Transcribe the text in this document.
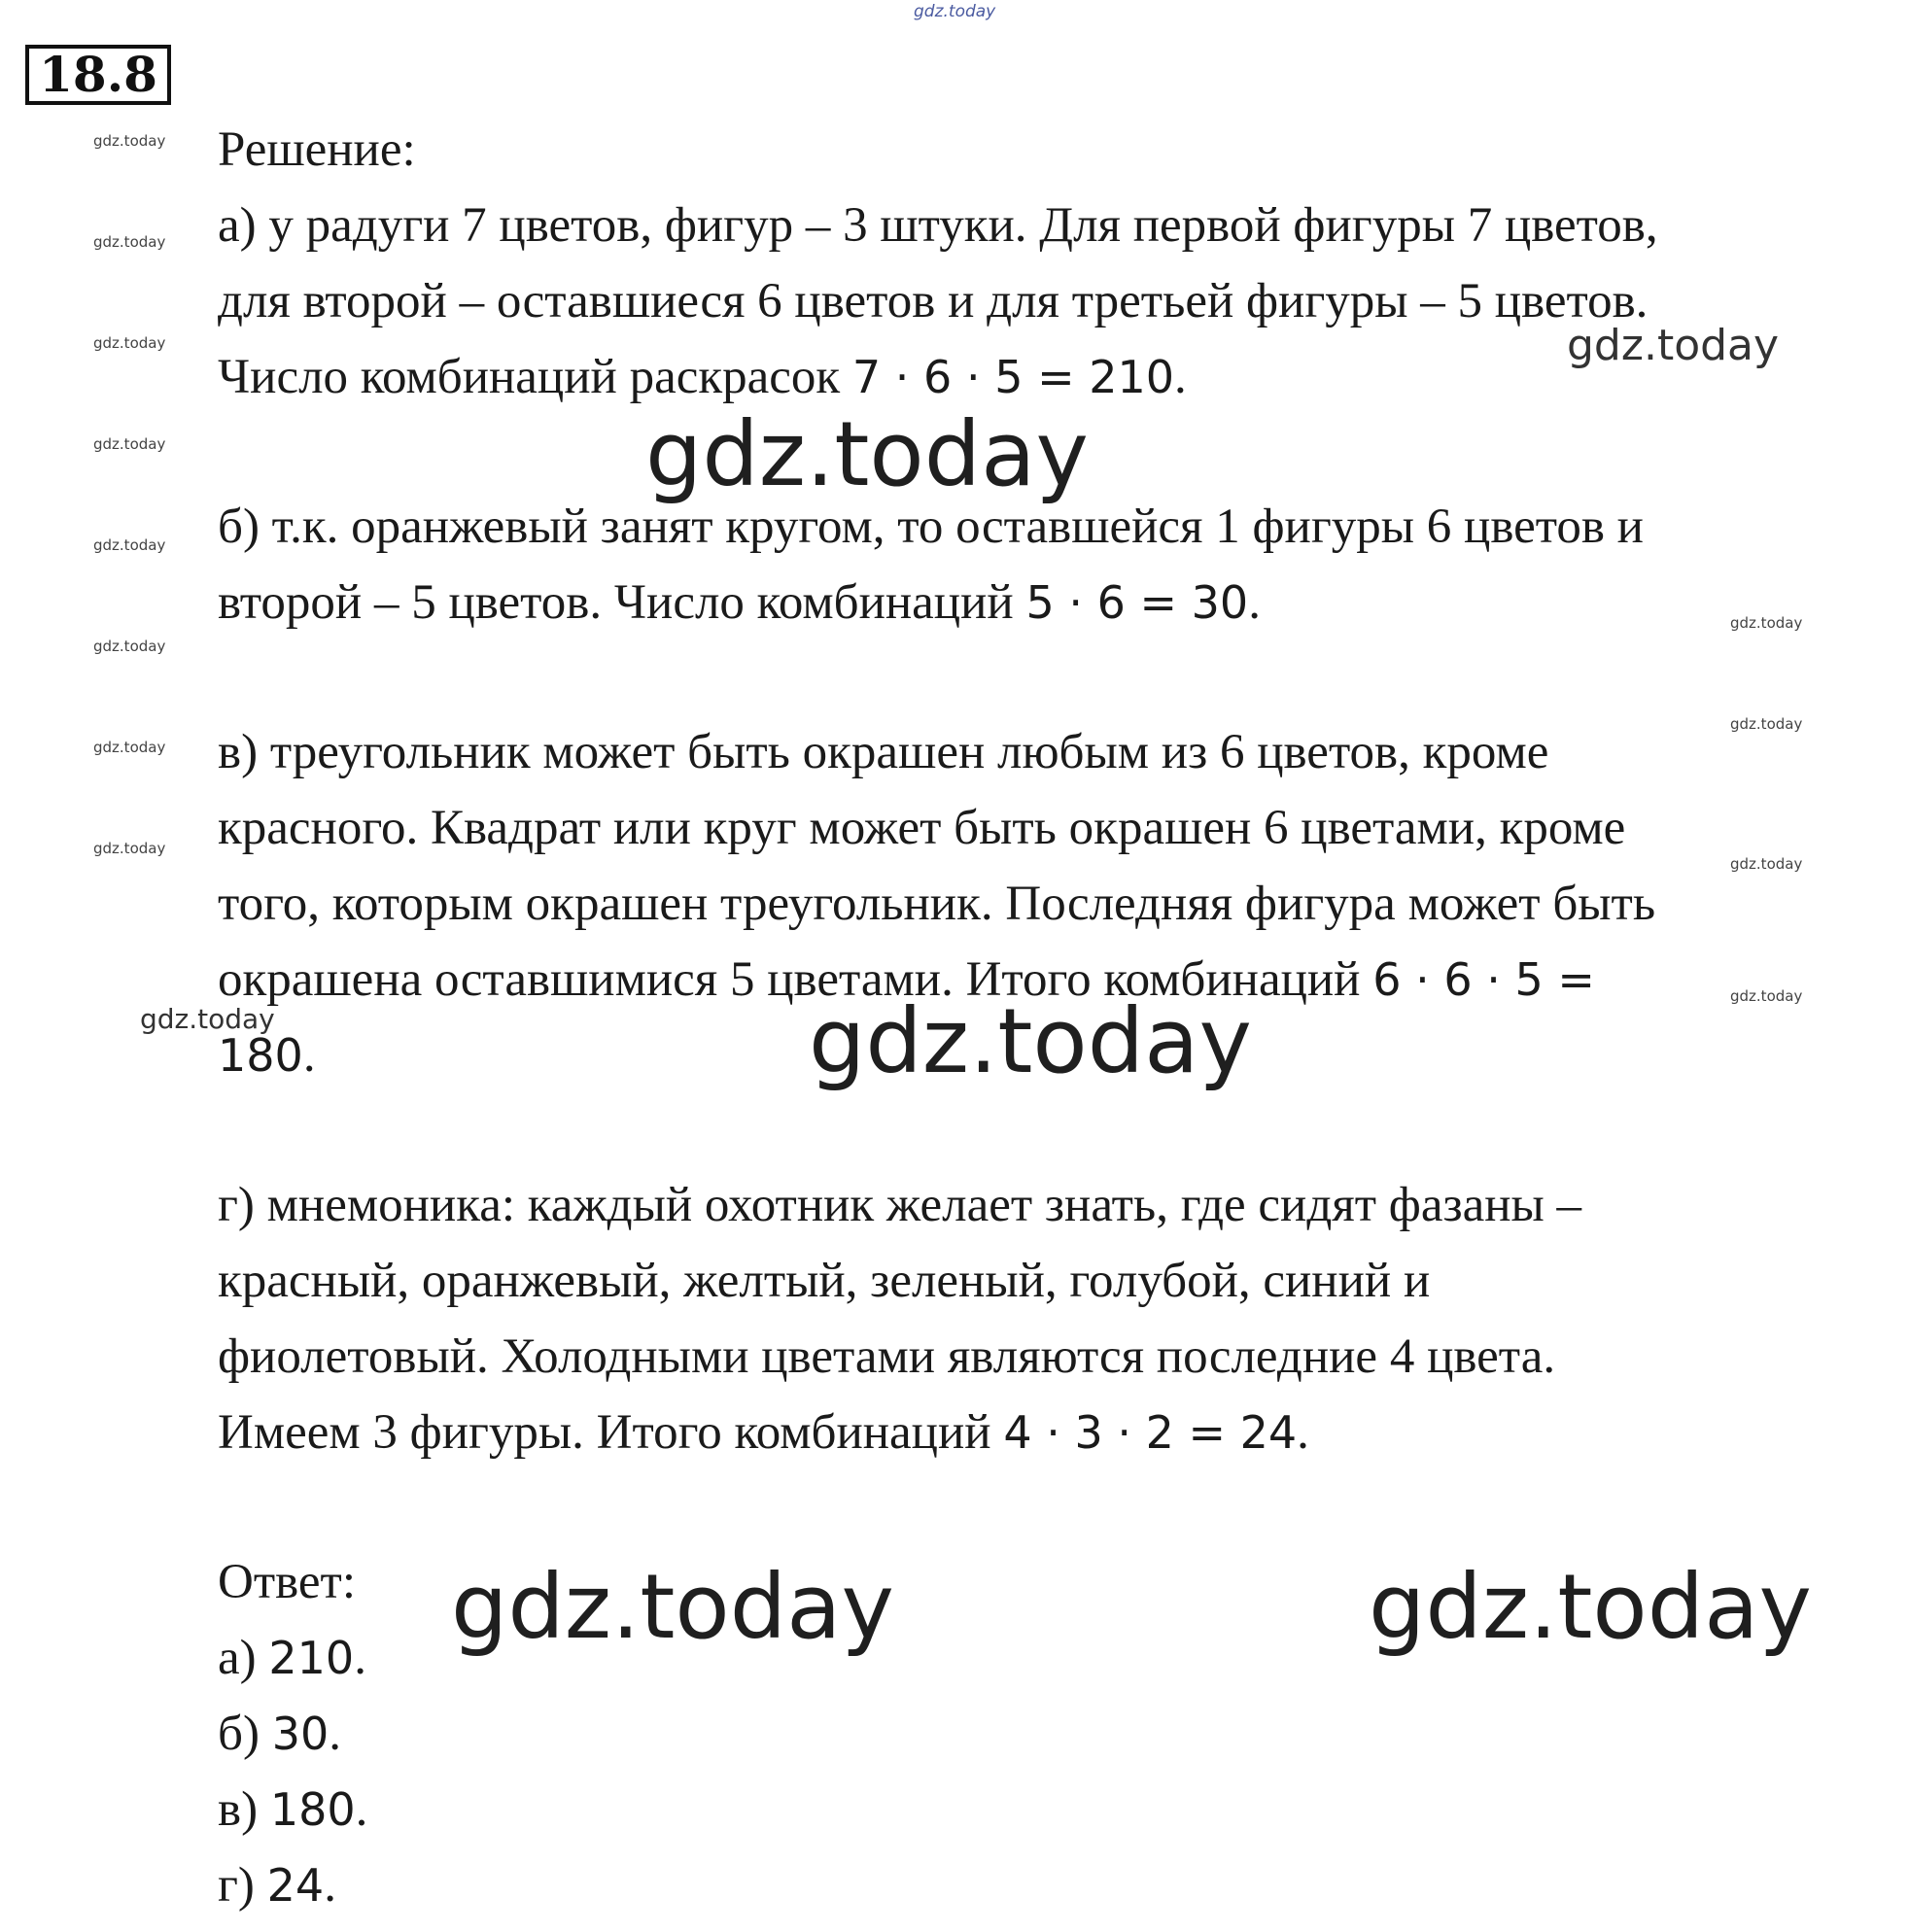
18.8
gdz.today
gdz.today
gdz.today
gdz.today
gdz.today
gdz.today
gdz.today
gdz.today
gdz.today
gdz.today
gdz.today
gdz.today
gdz.today
gdz.today
gdz.today
gdz.today
gdz.today
gdz.today	gdz.today
Решение:
а) у радуги 7 цветов, фигур – 3 штуки. Для первой фигуры 7 цветов,
для второй – оставшиеся 6 цветов и для третьей фигуры – 5 цветов.
Число комбинаций раскрасок 7 · 6 · 5 = 210.
б) т.к. оранжевый занят кругом, то оставшейся 1 фигуры 6 цветов и
второй – 5 цветов. Число комбинаций 5 · 6 = 30.
в) треугольник может быть окрашен любым из 6 цветов, кроме
красного. Квадрат или круг может быть окрашен 6 цветами, кроме
того, которым окрашен треугольник. Последняя фигура может быть
окрашена оставшимися 5 цветами. Итого комбинаций 6 · 6 · 5 =
180.
г) мнемоника: каждый охотник желает знать, где сидят фазаны –
красный, оранжевый, желтый, зеленый, голубой, синий и
фиолетовый. Холодными цветами являются последние 4 цвета.
Имеем 3 фигуры. Итого комбинаций 4 · 3 · 2 = 24.
Ответ:
а) 210.
б) 30.
в) 180.
г) 24.
